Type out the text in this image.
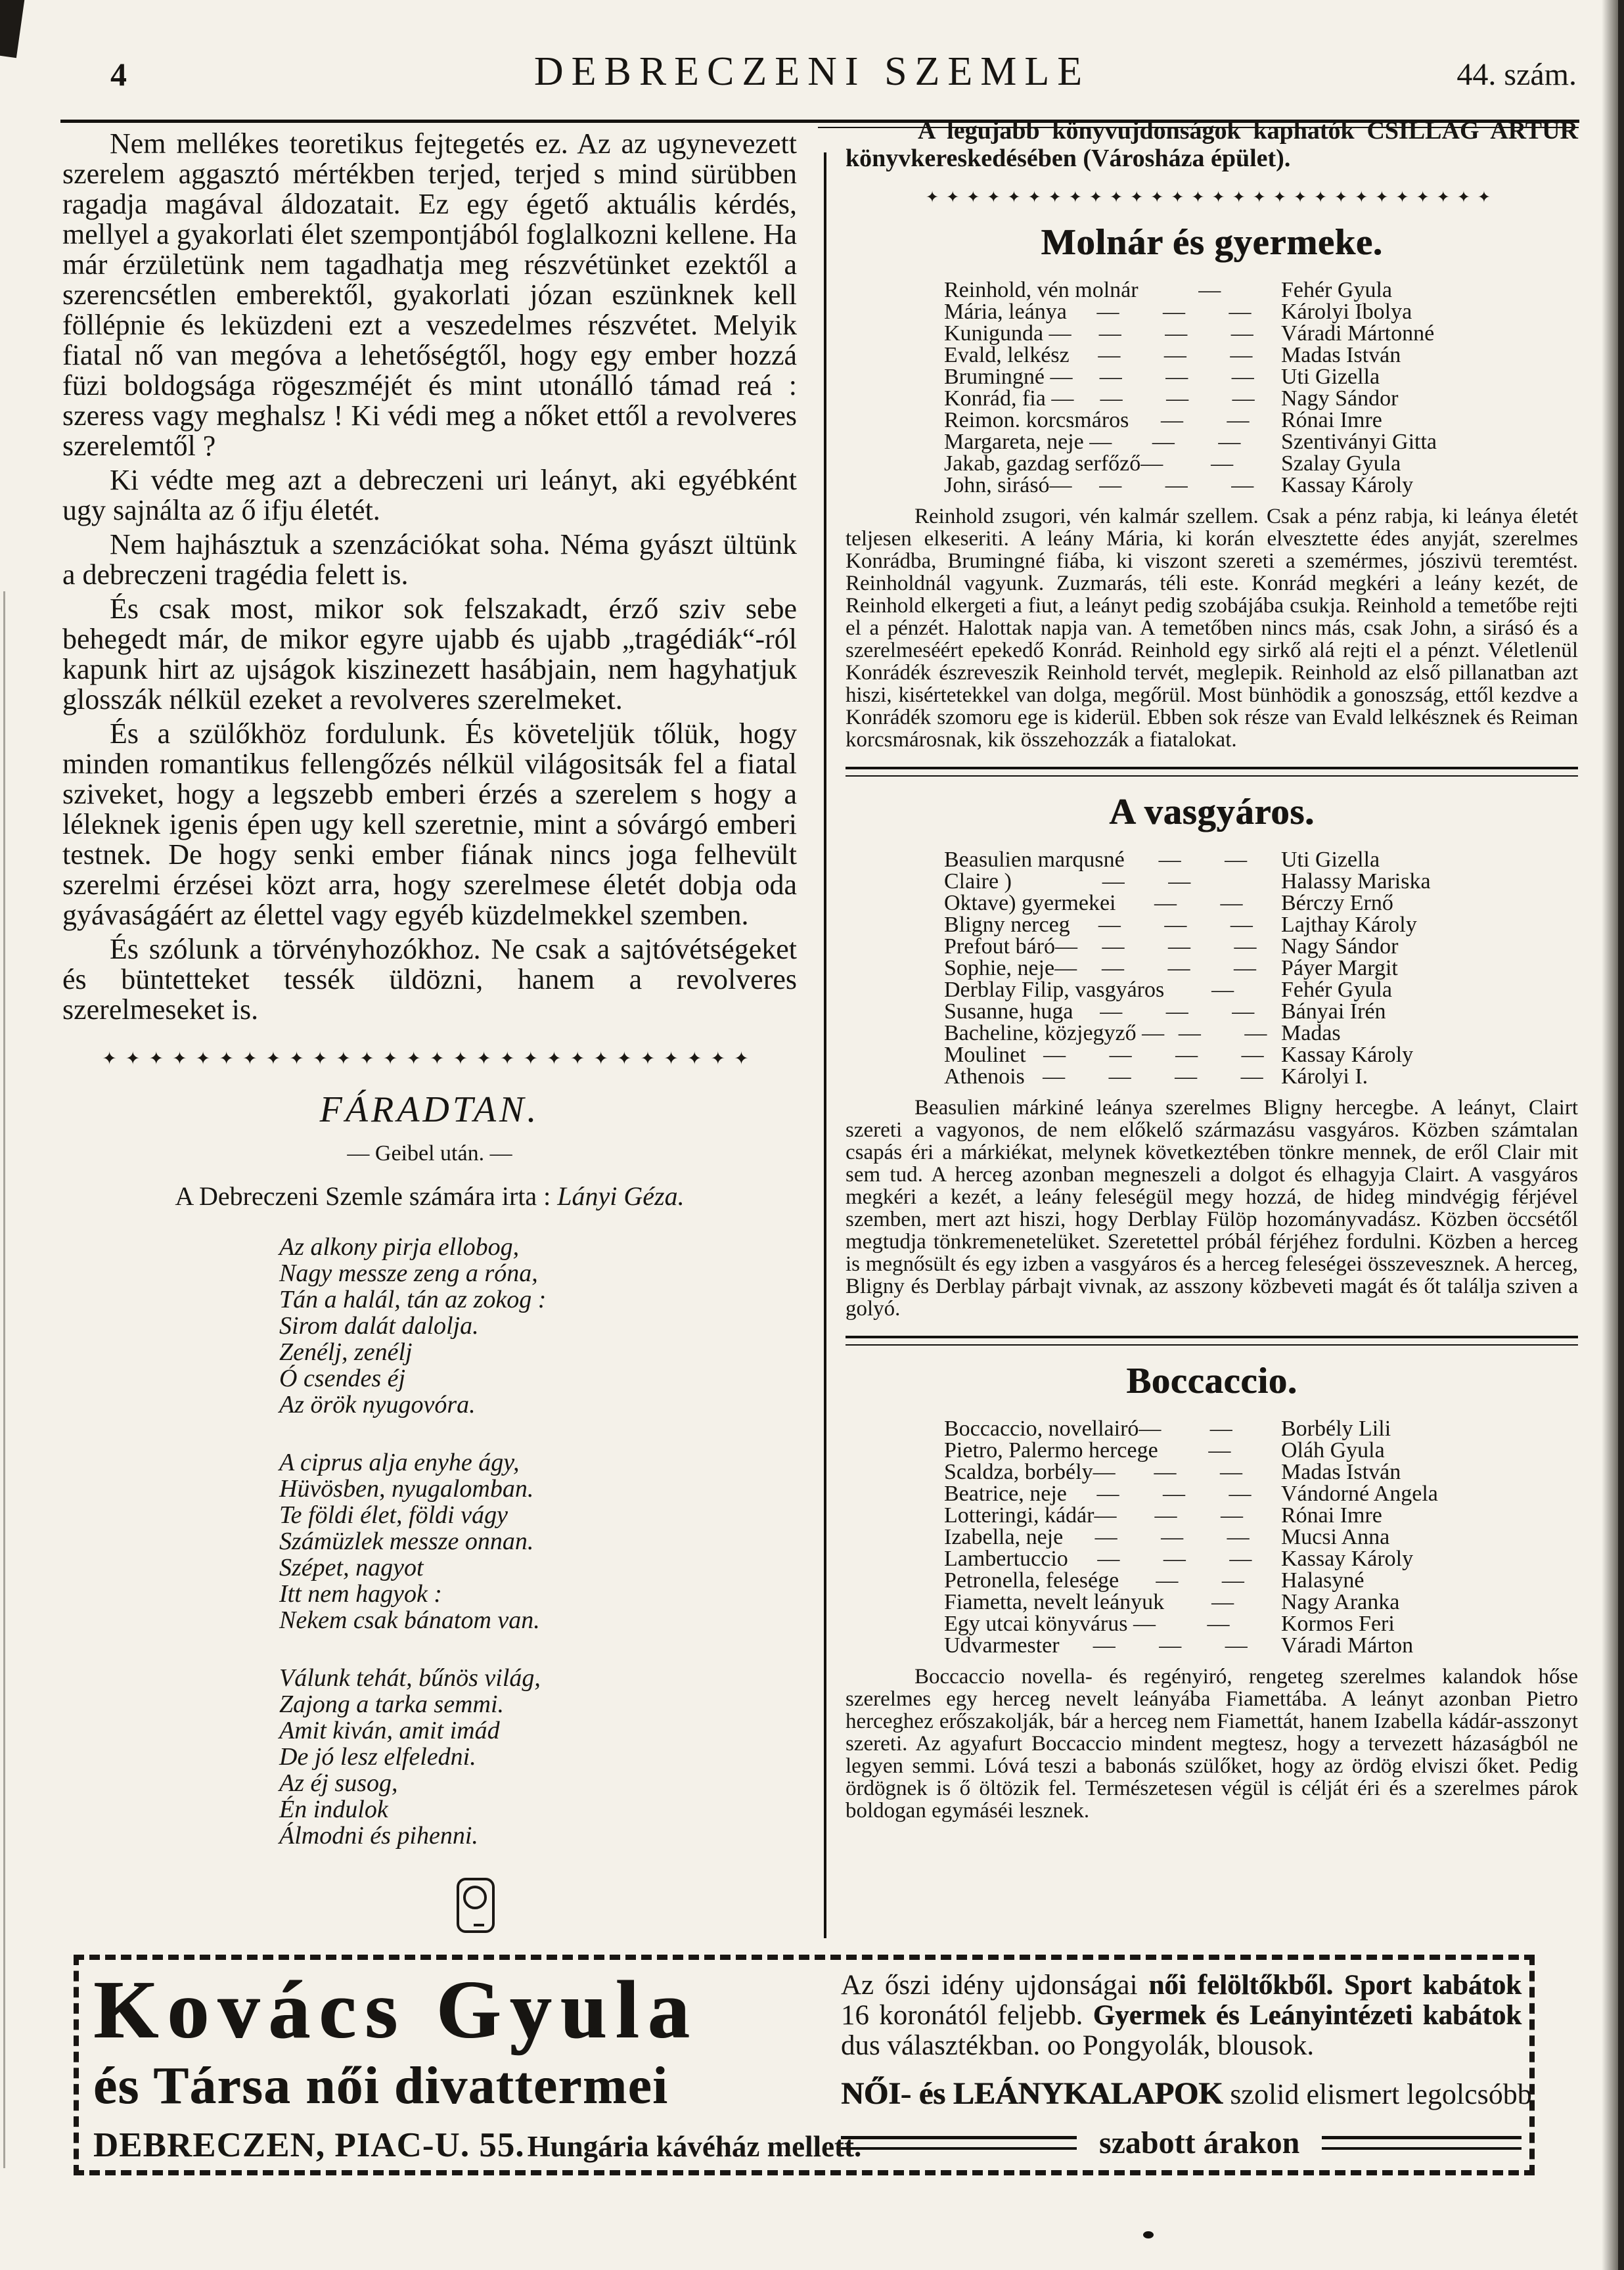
4	DEBRECZENI SZEMLE	44. szám.

Nem mellékes teoretikus fejtegetés ez. Az az ugynevezett szerelem aggasztó mértékben terjed, terjed s mind sürübben ragadja magával áldozatait. Ez egy égető aktuális kérdés, mellyel a gyakorlati élet szempontjából foglalkozni kellene. Ha már érzületünk nem tagadhatja meg részvétünket ezektől a szerencsétlen emberektől, gyakorlati józan eszünknek kell föllépnie és leküzdeni ezt a veszedelmes részvétet. Melyik fiatal nő van megóva a lehetőségtől, hogy egy ember hozzá füzi boldogsága rögeszméjét és mint utonálló támad reá : szeress vagy meghalsz ! Ki védi meg a nőket ettől a revolveres szerelemtől ?

Ki védte meg azt a debreczeni uri leányt, aki egyébként ugy sajnálta az ő ifju életét.

Nem hajhásztuk a szenzációkat soha. Néma gyászt ültünk a debreczeni tragédia felett is.

És csak most, mikor sok felszakadt, érző sziv sebe behegedt már, de mikor egyre ujabb és ujabb „tragédiák“-ról kapunk hirt az ujságok kiszinezett hasábjain, nem hagyhatjuk glosszák nélkül ezeket a revolveres szerelmeket.

És a szülőkhöz fordulunk. És követeljük tőlük, hogy minden romantikus fellengőzés nélkül világositsák fel a fiatal sziveket, hogy a legszebb emberi érzés a szerelem s hogy a léleknek igenis épen ugy kell szeretnie, mint a sóvárgó emberi testnek. De hogy senki ember fiának nincs joga felhevült szerelmi érzései közt arra, hogy szerelmese életét dobja oda gyávaságáért az élettel vagy egyéb küzdelmekkel szemben.

És szólunk a törvényhozókhoz. Ne csak a sajtóvétségeket és büntetteket tessék üldözni, hanem a revolveres szerelmeseket is.

✦✦✦✦✦✦✦✦✦✦✦✦✦✦✦✦✦✦✦✦✦✦✦✦✦✦✦✦
FÁRADTAN.
— Geibel után. —
A Debreczeni Szemle számára irta : Lányi Géza.
Az alkony pirja ellobog,
Nagy messze zeng a róna,
Tán a halál, tán az zokog :
Sirom dalát dalolja.
Zenélj, zenélj
Ó csendes éj
Az örök nyugovóra.
A ciprus alja enyhe ágy,
Hüvösben, nyugalomban.
Te földi élet, földi vágy
Számüzlek messze onnan.
Szépet, nagyot
Itt nem hagyok :
Nekem csak bánatom van.
Válunk tehát, bűnös világ,
Zajong a tarka semmi.
Amit kiván, amit imád
De jó lesz elfeledni.
Az éj susog,
Én indulok
Álmodni és pihenni.

A legujabb könyvujdonságok kaphatók CSILLAG ARTUR könyvkereskedésében (Városháza épület).

✦✦✦✦✦✦✦✦✦✦✦✦✦✦✦✦✦✦✦✦✦✦✦✦✦✦✦✦
Molnár és gyermeke.
Reinhold, vén molnár	—	Fehér Gyula
Mária, leánya	— — —	Károlyi Ibolya
Kunigunda —	— — —	Váradi Mártonné
Evald, lelkész	— — —	Madas István
Brumingné —	— — —	Uti Gizella
Konrád, fia —	— — —	Nagy Sándor
Reimon. korcsmáros	— —	Rónai Imre
Margareta, neje —	— —	Szentiványi Gitta
Jakab, gazdag serfőző—	—	Szalay Gyula
John, sirásó—	— — —	Kassay Károly

Reinhold zsugori, vén kalmár szellem. Csak a pénz rabja, ki leánya életét teljesen elkeseriti. A leány Mária, ki korán elvesztette édes anyját, szerelmes Konrádba, Brumingné fiába, ki viszont szereti a szemérmes, jószivü teremtést. Reinholdnál vagyunk. Zuzmarás, téli este. Konrád megkéri a leány kezét, de Reinhold elkergeti a fiut, a leányt pedig szobájába csukja. Reinhold a temetőbe rejti el a pénzét. Halottak napja van. A temetőben nincs más, csak John, a sirásó és a szerelmeséért epekedő Konrád. Reinhold egy sirkő alá rejti el a pénzt. Véletlenül Konrádék észreveszik Reinhold tervét, meglepik. Reinhold az első pillanatban azt hiszi, kisértetekkel van dolga, megőrül. Most bünhödik a gonoszság, ettől kezdve a Konrádék szomoru ege is kiderül. Ebben sok része van Evald lelkésznek és Reiman korcsmárosnak, kik összehozzák a fiatalokat.

A vasgyáros.
Beasulien marqusné	— —	Uti Gizella
Claire )	— —	Halassy Mariska
Oktave) gyermekei	— —	Bérczy Ernő
Bligny nerceg	— — —	Lajthay Károly
Prefout báró—	— — —	Nagy Sándor
Sophie, neje—	— — —	Páyer Margit
Derblay Filip, vasgyáros	—	Fehér Gyula
Susanne, huga	— — —	Bányai Irén
Bacheline, közjegyző — — — Madas
Moulinet — — — — Kassay Károly
Athenois — — — — Károlyi I.

Beasulien márkiné leánya szerelmes Bligny hercegbe. A leányt, Clairt szereti a vagyonos, de nem előkelő származásu vasgyáros. Közben számtalan csapás éri a márkiékat, melynek következtében tönkre mennek, de eről Clair mit sem tud. A herceg azonban megneszeli a dolgot és elhagyja Clairt. A vasgyáros megkéri a kezét, a leány feleségül megy hozzá, de hideg mindvégig férjével szemben, mert azt hiszi, hogy Derblay Fülöp hozományvadász. Közben öccsétől megtudja tönkremenetelüket. Szeretettel próbál férjéhez fordulni. Közben a herceg is megnősült és egy izben a vasgyáros és a herceg feleségei összevesznek. A herceg, Bligny és Derblay párbajt vivnak, az asszony közbeveti magát és őt találja sziven a golyó.

Boccaccio.
Boccaccio, novellairó—	—	Borbély Lili
Pietro, Palermo hercege	—	Oláh Gyula
Scaldza, borbély—	— —	Madas István
Beatrice, neje	— — —	Vándorné Angela
Lotteringi, kádár—	— —	Rónai Imre
Izabella, neje	— — —	Mucsi Anna
Lambertuccio	— — —	Kassay Károly
Petronella, felesége	— —	Halasyné
Fiametta, nevelt leányuk	—	Nagy Aranka
Egy utcai könyvárus —	—	Kormos Feri
Udvarmester	— — —	Váradi Márton

Boccaccio novella- és regényiró, rengeteg szerelmes kalandok hőse szerelmes egy herceg nevelt leányába Fiamettába. A leányt azonban Pietro herceghez erőszakolják, bár a herceg nem Fiamettát, hanem Izabella kádár-asszonyt szereti. Az agyafurt Boccaccio mindent megtesz, hogy a tervezett házaságból ne legyen semmi. Lóvá teszi a babonás szülőket, hogy az ördög elviszi őket. Pedig ördögnek is ő öltözik fel. Természetesen végül is célját éri és a szerelmes párok boldogan egymáséi lesznek.

Kovács Gyula
és Társa női divattermei
DEBRECZEN, PIAC-U. 55. Hungária kávéház mellett.

Az őszi idény ujdonságai női felöltőkből. Sport kabátok 16 koronától feljebb. Gyermek és Leányintézeti kabátok dus választékban. oo Pongyolák, blousok.

NŐI- és LEÁNYKALAPOK szolid elismert legolcsóbb
szabott árakon
